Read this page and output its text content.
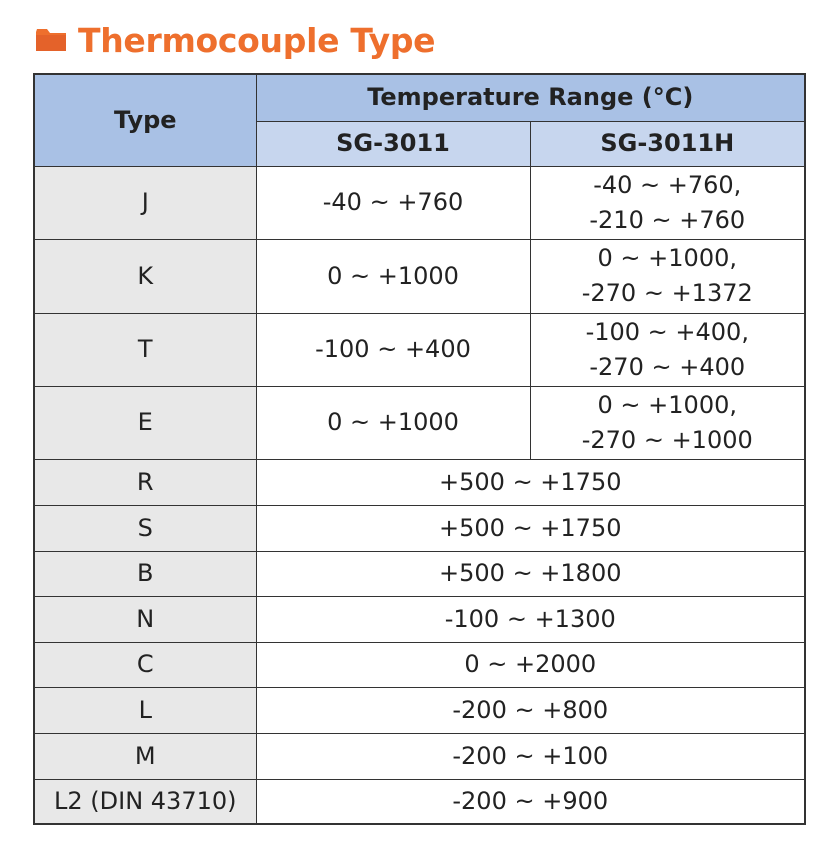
Thermocouple Type
Type	Temperature Range (°C)	
	SG-3011	SG-3011H
J	-40 ~ +760	-40 ~ +760,
-210 ~ +760

K	0 ~ +1000	0 ~ +1000,
-270 ~ +1372

T	-100 ~ +400	-100 ~ +400,
-270 ~ +400

E	0 ~ +1000	0 ~ +1000,
-270 ~ +1000

R	+500 ~ +1750	
S	+500 ~ +1750	
B	+500 ~ +1800	
N	-100 ~ +1300	
C	0 ~ +2000	
L	-200 ~ +800	
M	-200 ~ +100	
L2 (DIN 43710)	-200 ~ +900	
